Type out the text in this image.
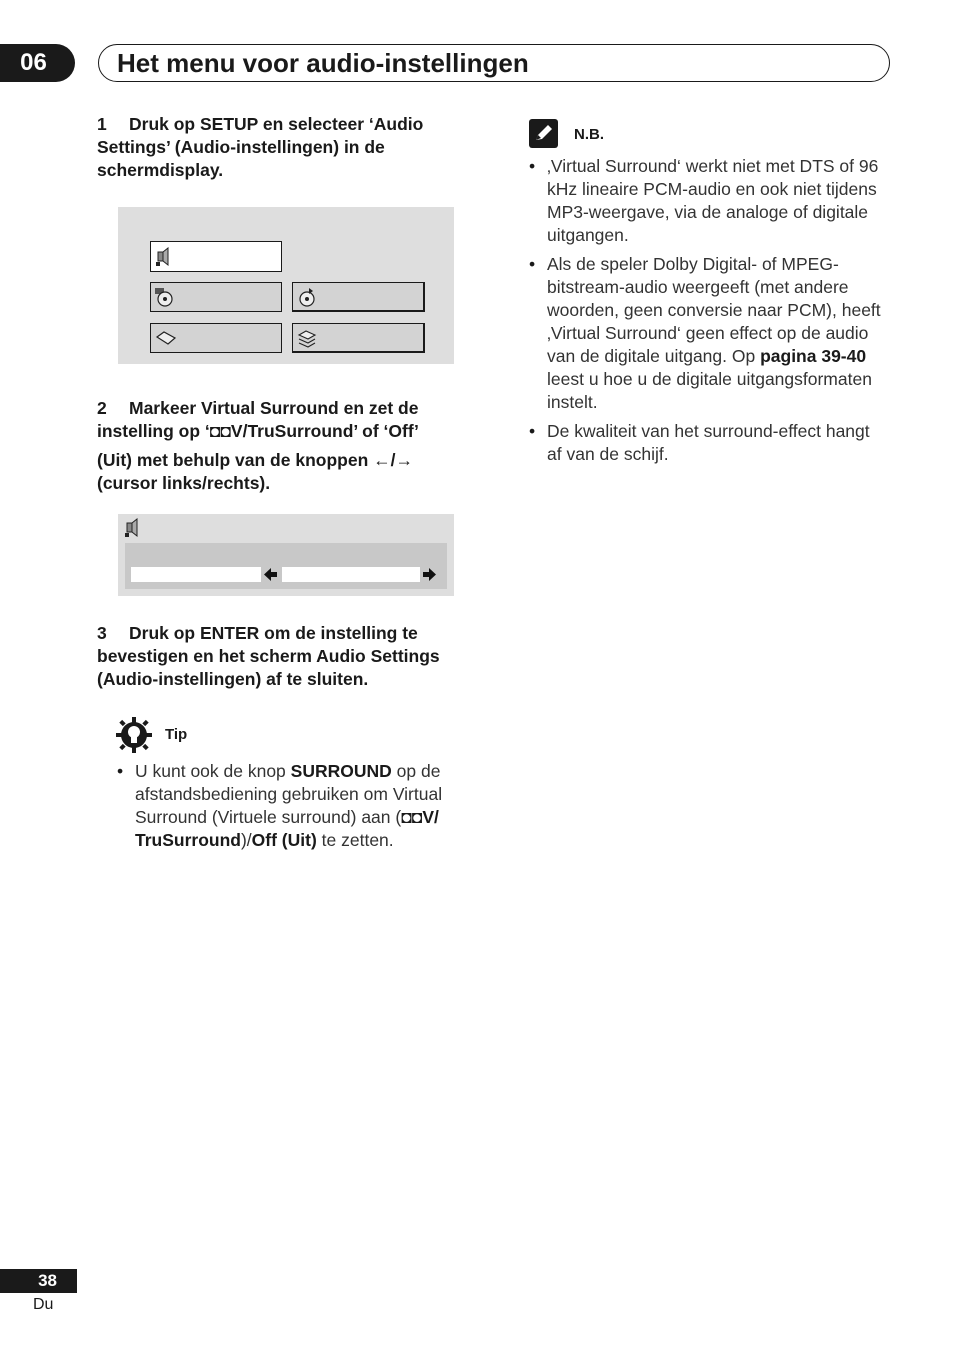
06	Het menu voor audio-instellingen
1 Druk op SETUP en selecteer ‘Audio Settings’ (Audio-instellingen) in de schermdisplay.
2 Markeer Virtual Surround en zet de instelling op ‘◘◘V/TruSurround’ of ‘Off’
(Uit) met behulp van de knoppen ←/→
(cursor links/rechts).
3 Druk op ENTER om de instelling te bevestigen en het scherm Audio Settings (Audio-instellingen) af te sluiten.
Tip
• U kunt ook de knop SURROUND op de afstandsbediening gebruiken om Virtual Surround (Virtuele surround) aan (◘◘V/ TruSurround)/Off (Uit) te zetten.
N.B.
• ‚Virtual Surround‘ werkt niet met DTS of 96 kHz lineaire PCM-audio en ook niet tijdens MP3-weergave, via de analoge of digitale uitgangen.
• Als de speler Dolby Digital- of MPEG-bitstream-audio weergeeft (met andere woorden, geen conversie naar PCM), heeft ‚Virtual Surround‘ geen effect op de audio van de digitale uitgang. Op pagina 39-40 leest u hoe u de digitale uitgangsformaten instelt.
• De kwaliteit van het surround-effect hangt af van de schijf.
38
Du
